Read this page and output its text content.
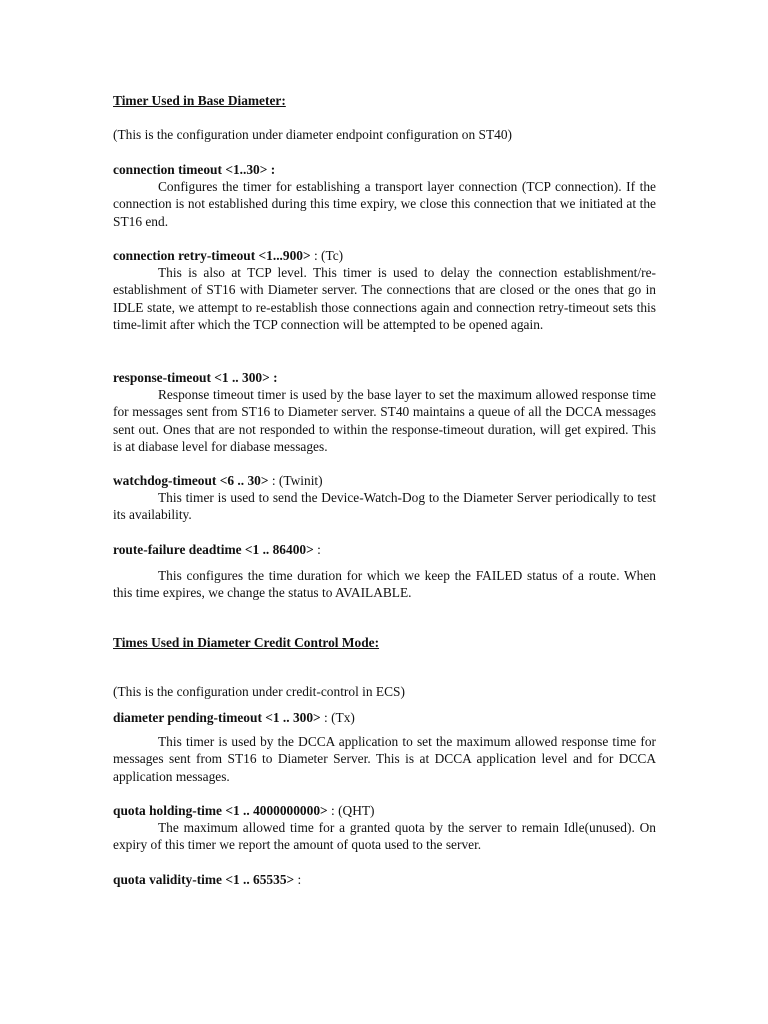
Timer Used in Base Diameter:
(This is the configuration under diameter endpoint configuration on ST40)
connection timeout <1..30> :
Configures the timer for establishing a transport layer connection (TCP connection). If the connection is not established during this time expiry, we close this connection that we initiated at the ST16 end.
connection retry-timeout <1...900> : (Tc)
This is also at TCP level. This timer is used to delay the connection establishment/re-establishment of ST16 with Diameter server. The connections that are closed or the ones that go in IDLE state, we attempt to re-establish those connections again and connection retry-timeout sets this time-limit after which the TCP connection will be attempted to be opened again.
response-timeout <1 .. 300> :
Response timeout timer is used by the base layer to set the maximum allowed response time for messages sent from ST16 to Diameter server. ST40 maintains a queue of all the DCCA messages sent out. Ones that are not responded to within the response-timeout duration, will get expired. This is at diabase level for diabase messages.
watchdog-timeout <6 .. 30> : (Twinit)
This timer is used to send the Device-Watch-Dog to the Diameter Server periodically to test its availability.
route-failure deadtime <1 .. 86400> :
This configures the time duration for which we keep the FAILED status of a route. When this time expires, we change the status to AVAILABLE.
Times Used in Diameter Credit Control Mode:
(This is the configuration under credit-control in ECS)
diameter pending-timeout <1 .. 300> : (Tx)
This timer is used by the DCCA application to set the maximum allowed response time for messages sent from ST16 to Diameter Server. This is at DCCA application level and for DCCA application messages.
quota holding-time <1 .. 4000000000> : (QHT)
The maximum allowed time for a granted quota by the server to remain Idle(unused). On expiry of this timer we report the amount of quota used to the server.
quota validity-time <1 .. 65535> :
